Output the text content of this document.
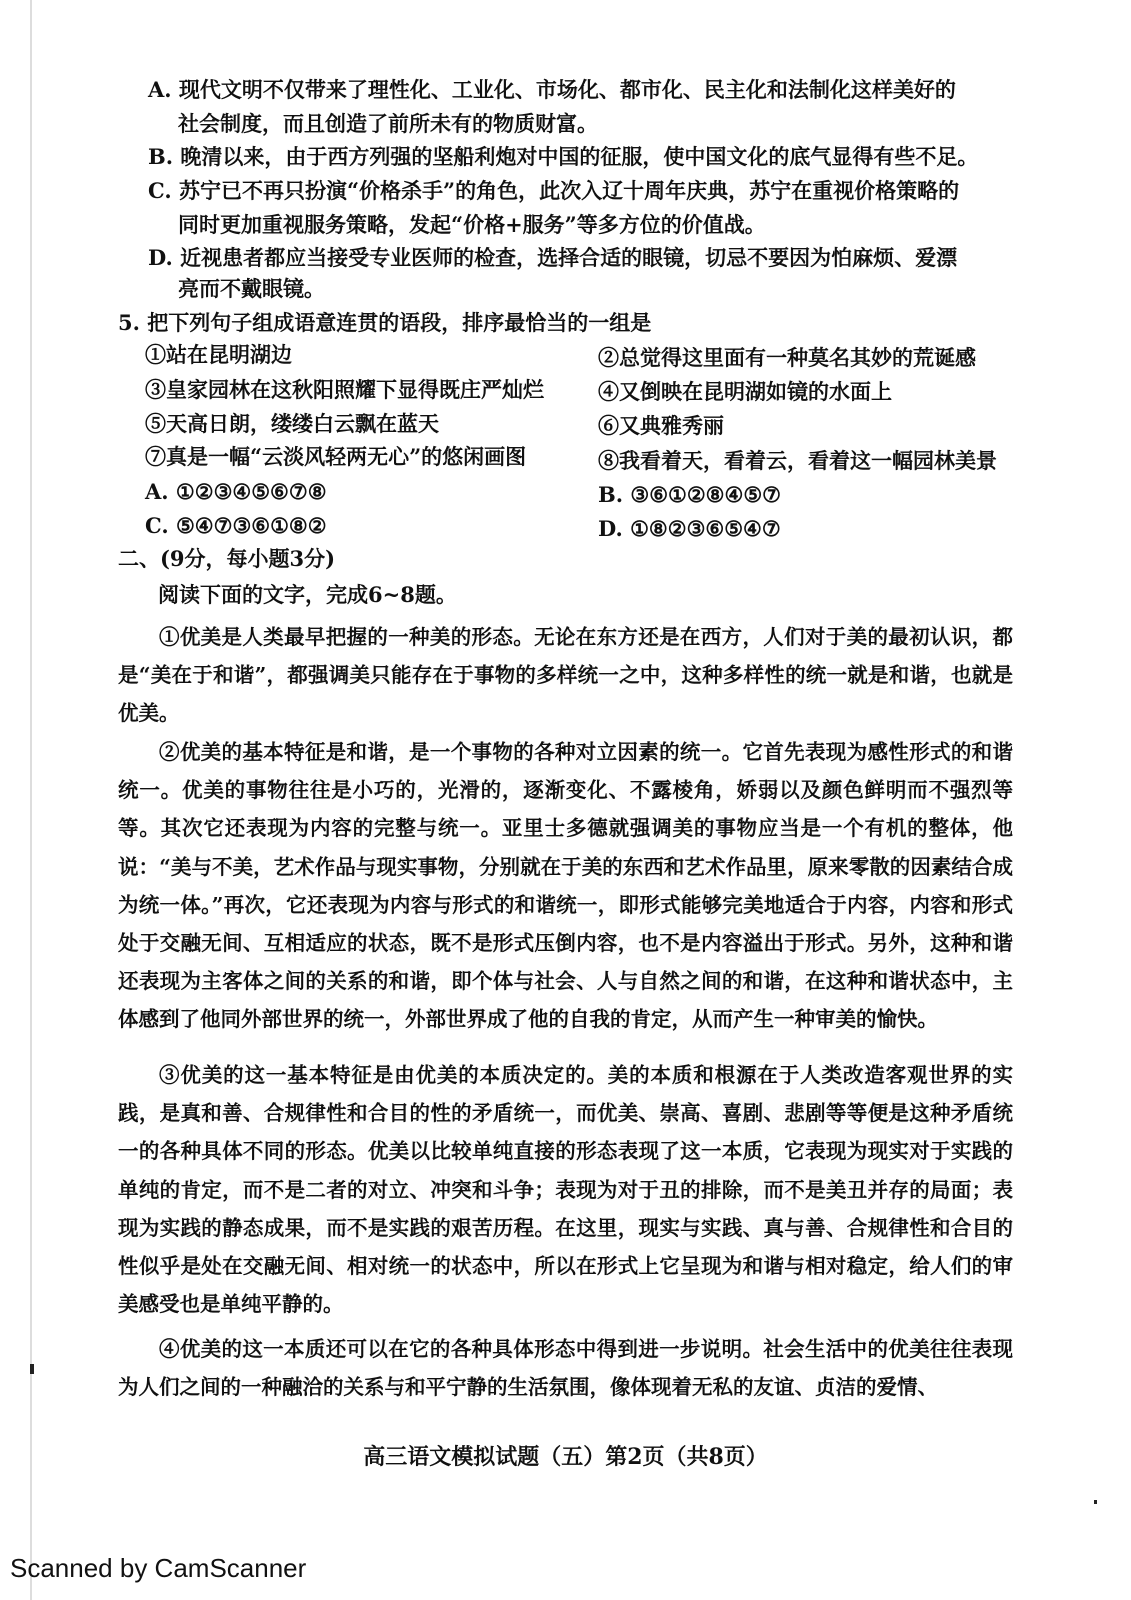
A. 现代文明不仅带来了理性化、工业化、市场化、都市化、民主化和法制化这样美好的
社会制度，而且创造了前所未有的物质财富。
B. 晚清以来，由于西方列强的坚船利炮对中国的征服，使中国文化的底气显得有些不足。
C. 苏宁已不再只扮演“价格杀手”的角色，此次入辽十周年庆典，苏宁在重视价格策略的
同时更加重视服务策略，发起“价格+服务”等多方位的价值战。
D. 近视患者都应当接受专业医师的检查，选择合适的眼镜，切忌不要因为怕麻烦、爱漂
亮而不戴眼镜。
5. 把下列句子组成语意连贯的语段，排序最恰当的一组是
①站在昆明湖边	②总觉得这里面有一种莫名其妙的荒诞感
③皇家园林在这秋阳照耀下显得既庄严灿烂	④又倒映在昆明湖如镜的水面上
⑤天高日朗，缕缕白云飘在蓝天	⑥又典雅秀丽
⑦真是一幅“云淡风轻两无心”的悠闲画图	⑧我看着天，看着云，看着这一幅园林美景
A. ①②③④⑤⑥⑦⑧	B. ③⑥①②⑧④⑤⑦
C. ⑤④⑦③⑥①⑧②	D. ①⑧②③⑥⑤④⑦
二、(9分，每小题3分)
阅读下面的文字，完成6~8题。

①优美是人类最早把握的一种美的形态。无论在东方还是在西方，人们对于美的最初认识，都是“美在于和谐”，都强调美只能存在于事物的多样统一之中，这种多样性的统一就是和谐，也就是优美。

②优美的基本特征是和谐，是一个事物的各种对立因素的统一。它首先表现为感性形式的和谐统一。优美的事物往往是小巧的，光滑的，逐渐变化、不露棱角，娇弱以及颜色鲜明而不强烈等等。其次它还表现为内容的完整与统一。亚里士多德就强调美的事物应当是一个有机的整体，他说：“美与不美，艺术作品与现实事物，分别就在于美的东西和艺术作品里，原来零散的因素结合成为统一体。”再次，它还表现为内容与形式的和谐统一，即形式能够完美地适合于内容，内容和形式处于交融无间、互相适应的状态，既不是形式压倒内容，也不是内容溢出于形式。另外，这种和谐还表现为主客体之间的关系的和谐，即个体与社会、人与自然之间的和谐，在这种和谐状态中，主体感到了他同外部世界的统一，外部世界成了他的自我的肯定，从而产生一种审美的愉快。

③优美的这一基本特征是由优美的本质决定的。美的本质和根源在于人类改造客观世界的实践，是真和善、合规律性和合目的性的矛盾统一，而优美、崇高、喜剧、悲剧等等便是这种矛盾统一的各种具体不同的形态。优美以比较单纯直接的形态表现了这一本质，它表现为现实对于实践的单纯的肯定，而不是二者的对立、冲突和斗争；表现为对于丑的排除，而不是美丑并存的局面；表现为实践的静态成果，而不是实践的艰苦历程。在这里，现实与实践、真与善、合规律性和合目的性似乎是处在交融无间、相对统一的状态中，所以在形式上它呈现为和谐与相对稳定，给人们的审美感受也是单纯平静的。

④优美的这一本质还可以在它的各种具体形态中得到进一步说明。社会生活中的优美往往表现为人们之间的一种融洽的关系与和平宁静的生活氛围，像体现着无私的友谊、贞洁的爱情、

高三语文模拟试题（五）第2页（共8页）
Scanned by CamScanner
